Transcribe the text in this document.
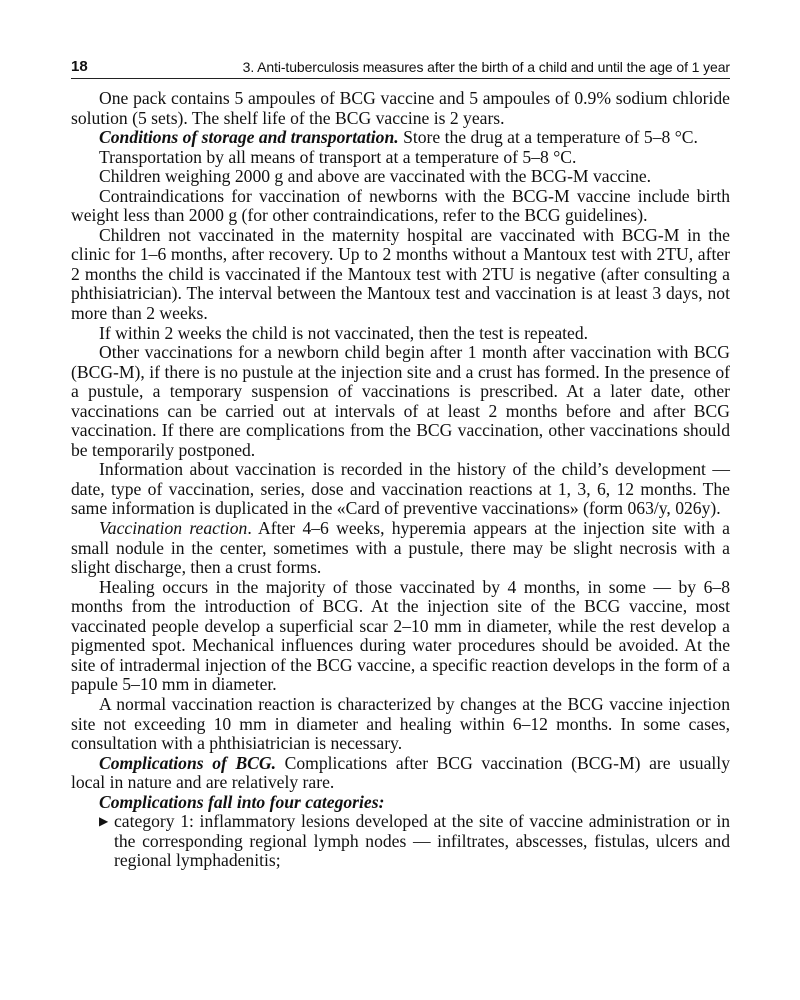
18	3. Anti-tuberculosis measures after the birth of a child and until the age of 1 year

One pack contains 5 ampoules of BCG vaccine and 5 ampoules of 0.9% sodium chloride solution (5 sets). The shelf life of the BCG vaccine is 2 years.

Conditions of storage and transportation. Store the drug at a temperature of 5–8 °C.

Transportation by all means of transport at a temperature of 5–8 °C.

Children weighing 2000 g and above are vaccinated with the BCG-M vaccine.

Contraindications for vaccination of newborns with the BCG-M vaccine include birth weight less than 2000 g (for other contraindications, refer to the BCG guidelines).

Children not vaccinated in the maternity hospital are vaccinated with BCG-M in the clinic for 1–6 months, after recovery. Up to 2 months without a Mantoux test with 2TU, after 2 months the child is vaccinated if the Mantoux test with 2TU is negative (after consulting a phthisiatrician). The interval between the Mantoux test and vaccination is at least 3 days, not more than 2 weeks.

If within 2 weeks the child is not vaccinated, then the test is repeated.

Other vaccinations for a newborn child begin after 1 month after vaccination with BCG (BCG-M), if there is no pustule at the injection site and a crust has formed. In the presence of a pustule, a temporary suspension of vaccinations is prescribed. At a later date, other vaccinations can be carried out at intervals of at least 2 months before and after BCG vaccination. If there are complications from the BCG vaccination, other vaccinations should be temporarily postponed.

Information about vaccination is recorded in the history of the child’s development — date, type of vaccination, series, dose and vaccination reactions at 1, 3, 6, 12 months. The same information is duplicated in the «Card of preventive vaccinations» (form 063/y, 026y).

Vaccination reaction. After 4–6 weeks, hyperemia appears at the injection site with a small nodule in the center, sometimes with a pustule, there may be slight necrosis with a slight discharge, then a crust forms.

Healing occurs in the majority of those vaccinated by 4 months, in some — by 6–8 months from the introduction of BCG. At the injection site of the BCG vaccine, most vaccinated people develop a superficial scar 2–10 mm in diameter, while the rest develop a pigmented spot. Mechanical influences during water procedures should be avoided. At the site of intradermal injection of the BCG vaccine, a specific reaction develops in the form of a papule 5–10 mm in diameter.

A normal vaccination reaction is characterized by changes at the BCG vaccine injection site not exceeding 10 mm in diameter and healing within 6–12 months. In some cases, consultation with a phthisiatrician is necessary.

Complications of BCG. Complications after BCG vaccination (BCG-M) are usually local in nature and are relatively rare.

Complications fall into four categories:

▶ category 1: inflammatory lesions developed at the site of vaccine administration or in the corresponding regional lymph nodes — infiltrates, abscesses, fistulas, ulcers and regional lymphadenitis;
